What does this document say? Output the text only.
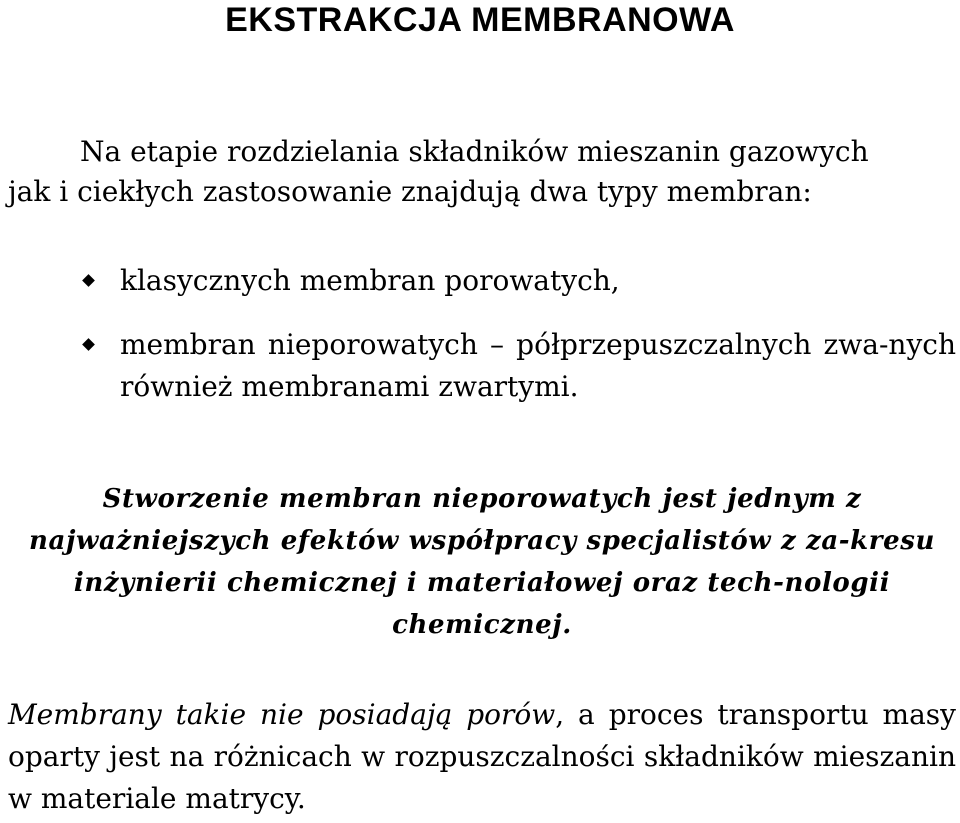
EKSTRAKCJA MEMBRANOWA
Na etapie rozdzielania składników mieszanin gazowych
jak i ciekłych zastosowanie znajdują dwa typy membran:
klasycznych membran porowatych,
membran nieporowatych – półprzepuszczalnych zwa-nych również membranami zwartymi.
Stworzenie membran nieporowatych jest jednym z najważniejszych efektów współpracy specjalistów z za-kresu inżynierii chemicznej i materiałowej oraz tech-nologii chemicznej.
Membrany takie nie posiadają porów, a proces transportu masy oparty jest na różnicach w rozpuszczalności składników mieszanin w materiale matrycy.
